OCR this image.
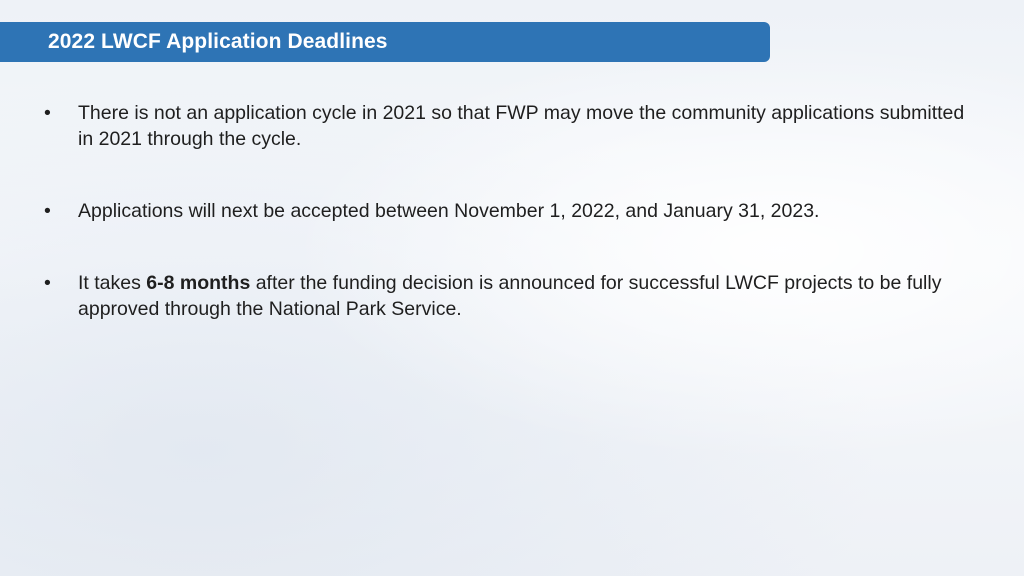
2022 LWCF Application Deadlines
•	There is not an application cycle in 2021 so that FWP may move the community applications submitted in 2021 through the cycle.
•	Applications will next be accepted between November 1, 2022, and January 31, 2023.
•	It takes 6-8 months after the funding decision is announced for successful LWCF projects to be fully approved through the National Park Service.
